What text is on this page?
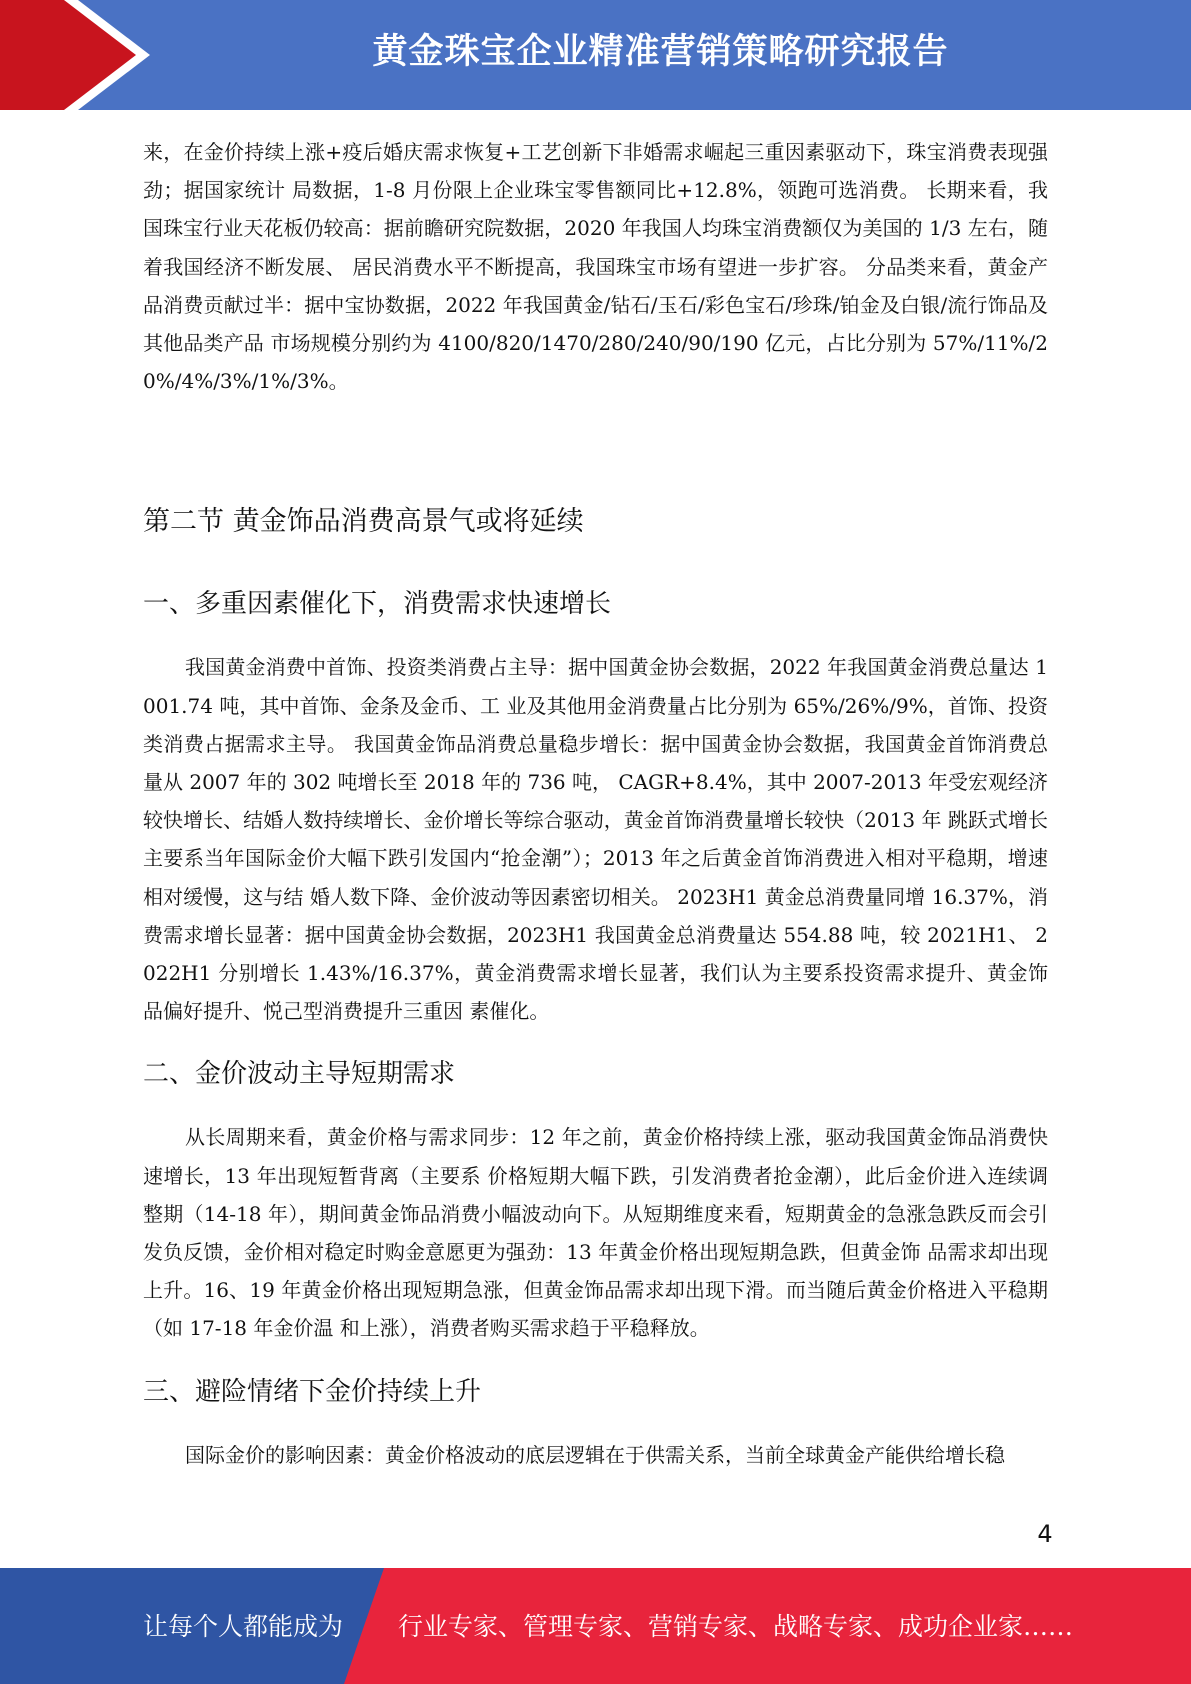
黄金珠宝企业精准营销策略研究报告

来，在金价持续上涨+疫后婚庆需求恢复+工艺创新下非婚需求崛起三重因素驱动下，珠宝消费表现强劲；据国家统计 局数据，1-8 月份限上企业珠宝零售额同比+12.8%，领跑可选消费。 长期来看，我国珠宝行业天花板仍较高：据前瞻研究院数据，2020 年我国人均珠宝消费额仅为美国的 1/3 左右，随着我国经济不断发展、 居民消费水平不断提高，我国珠宝市场有望进一步扩容。 分品类来看，黄金产品消费贡献过半：据中宝协数据，2022 年我国黄金/钻石/玉石/彩色宝石/珍珠/铂金及白银/流行饰品及其他品类产品 市场规模分别约为 4100/820/1470/280/240/90/190 亿元，占比分别为 57%/11%/20%/4%/3%/1%/3%。

第二节 黄金饰品消费高景气或将延续
一、多重因素催化下，消费需求快速增长

我国黄金消费中首饰、投资类消费占主导：据中国黄金协会数据，2022 年我国黄金消费总量达 1001.74 吨，其中首饰、金条及金币、工 业及其他用金消费量占比分别为 65%/26%/9%，首饰、投资类消费占据需求主导。 我国黄金饰品消费总量稳步增长：据中国黄金协会数据，我国黄金首饰消费总量从 2007 年的 302 吨增长至 2018 年的 736 吨， CAGR+8.4%，其中 2007-2013 年受宏观经济较快增长、结婚人数持续增长、金价增长等综合驱动，黄金首饰消费量增长较快（2013 年 跳跃式增长主要系当年国际金价大幅下跌引发国内“抢金潮”）；2013 年之后黄金首饰消费进入相对平稳期，增速相对缓慢，这与结 婚人数下降、金价波动等因素密切相关。 2023H1 黄金总消费量同增 16.37%，消费需求增长显著：据中国黄金协会数据，2023H1 我国黄金总消费量达 554.88 吨，较 2021H1、 2022H1 分别增长 1.43%/16.37%，黄金消费需求增长显著，我们认为主要系投资需求提升、黄金饰品偏好提升、悦己型消费提升三重因 素催化。

二、金价波动主导短期需求

从长周期来看，黄金价格与需求同步：12 年之前，黄金价格持续上涨，驱动我国黄金饰品消费快速增长，13 年出现短暂背离（主要系 价格短期大幅下跌，引发消费者抢金潮），此后金价进入连续调整期（14-18 年），期间黄金饰品消费小幅波动向下。从短期维度来看，短期黄金的急涨急跌反而会引发负反馈，金价相对稳定时购金意愿更为强劲：13 年黄金价格出现短期急跌，但黄金饰 品需求却出现上升。16、19 年黄金价格出现短期急涨，但黄金饰品需求却出现下滑。而当随后黄金价格进入平稳期（如 17-18 年金价温 和上涨），消费者购买需求趋于平稳释放。

三、避险情绪下金价持续上升

国际金价的影响因素：黄金价格波动的底层逻辑在于供需关系，当前全球黄金产能供给增长稳

4
让每个人都能成为 行业专家、管理专家、营销专家、战略专家、成功企业家……
